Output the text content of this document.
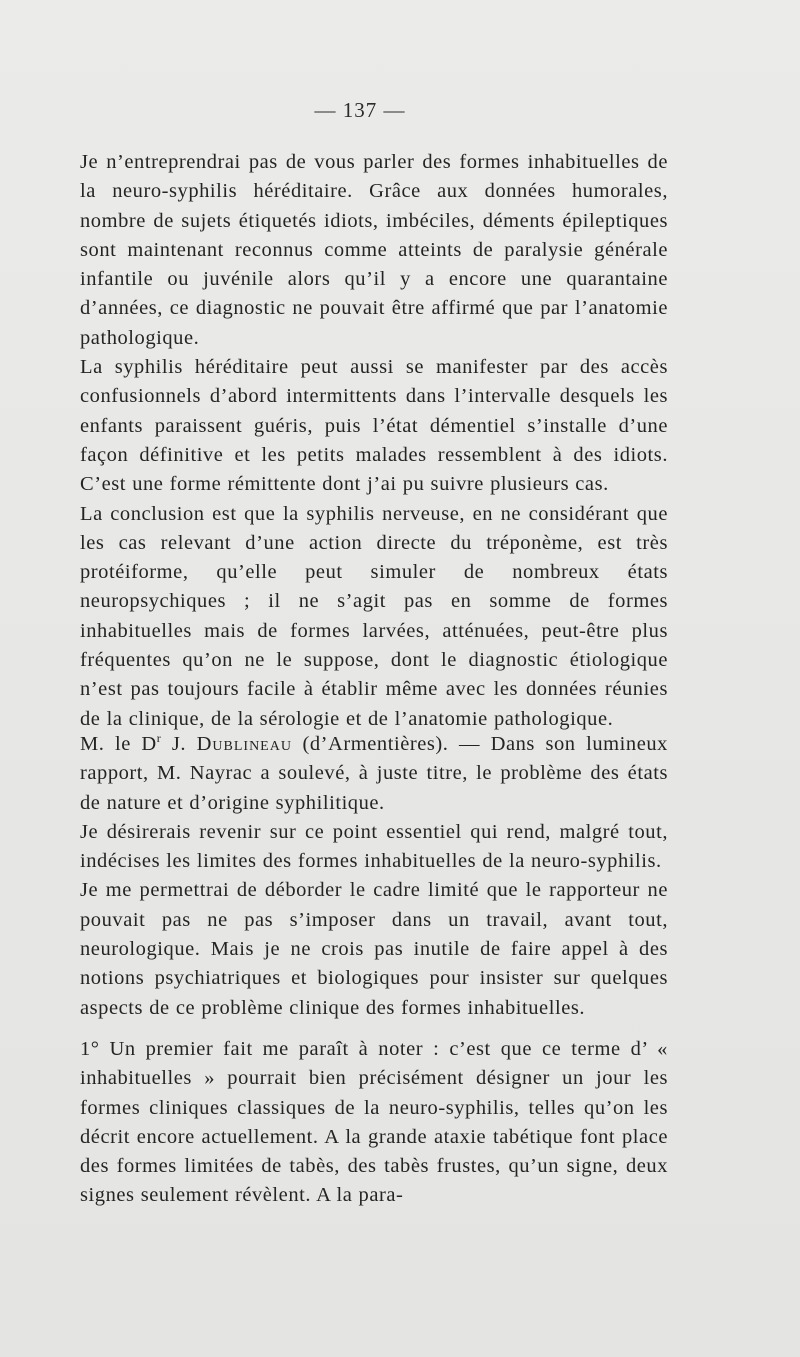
— 137 —

Je n’entreprendrai pas de vous parler des formes inhabituelles de la neuro-syphilis héréditaire. Grâce aux données humorales, nombre de sujets étiquetés idiots, imbéciles, déments épileptiques sont maintenant reconnus comme atteints de paralysie générale infantile ou juvénile alors qu’il y a encore une quarantaine d’années, ce diagnostic ne pouvait être affirmé que par l’anatomie pathologique.

La syphilis héréditaire peut aussi se manifester par des accès confusionnels d’abord intermittents dans l’intervalle desquels les enfants paraissent guéris, puis l’état démentiel s’installe d’une façon définitive et les petits malades ressemblent à des idiots. C’est une forme rémittente dont j’ai pu suivre plusieurs cas.

La conclusion est que la syphilis nerveuse, en ne considérant que les cas relevant d’une action directe du tréponème, est très protéiforme, qu’elle peut simuler de nombreux états neuropsychiques ; il ne s’agit pas en somme de formes inhabituelles mais de formes larvées, atténuées, peut-être plus fréquentes qu’on ne le suppose, dont le diagnostic étiologique n’est pas toujours facile à établir même avec les données réunies de la clinique, de la sérologie et de l’anatomie pathologique.

M. le $D^r$ J. Dublineau (d’Armentières). — Dans son lumineux rapport, M. Nayrac a soulevé, à juste titre, le problème des états de nature et d’origine syphilitique.

Je désirerais revenir sur ce point essentiel qui rend, malgré tout, indécises les limites des formes inhabituelles de la neuro-syphilis.

Je me permettrai de déborder le cadre limité que le rapporteur ne pouvait pas ne pas s’imposer dans un travail, avant tout, neurologique. Mais je ne crois pas inutile de faire appel à des notions psychiatriques et biologiques pour insister sur quelques aspects de ce problème clinique des formes inhabituelles.

1° Un premier fait me paraît à noter : c’est que ce terme d’ « inhabituelles » pourrait bien précisément désigner un jour les formes cliniques classiques de la neuro-syphilis, telles qu’on les décrit encore actuellement. A la grande ataxie tabétique font place des formes limitées de tabès, des tabès frustes, qu’un signe, deux signes seulement révèlent. A la para-
